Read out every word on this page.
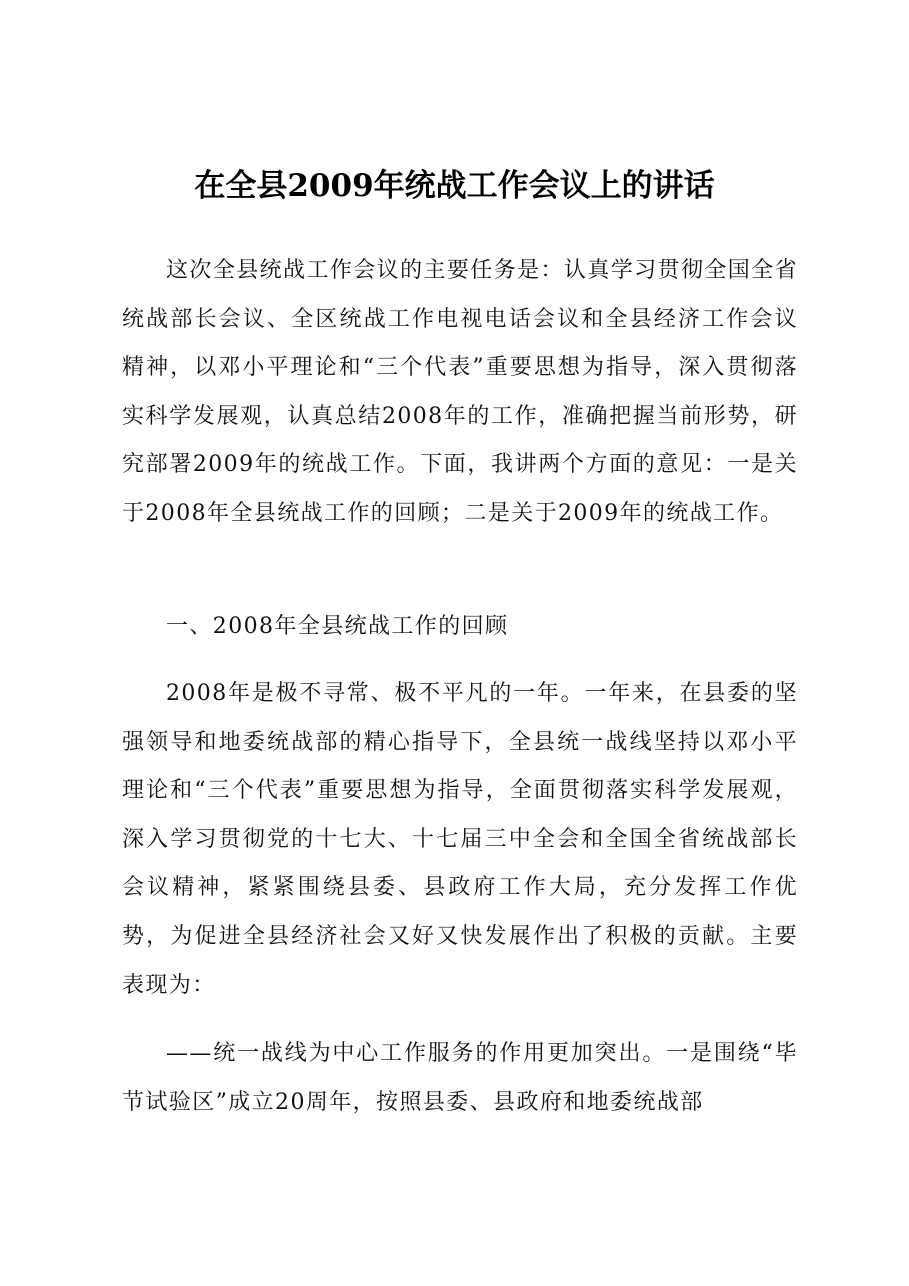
在全县2009年统战工作会议上的讲话

这次全县统战工作会议的主要任务是：认真学习贯彻全国全省统战部长会议、全区统战工作电视电话会议和全县经济工作会议精神，以邓小平理论和“三个代表”重要思想为指导，深入贯彻落实科学发展观，认真总结2008年的工作，准确把握当前形势，研究部署2009年的统战工作。下面，我讲两个方面的意见：一是关于2008年全县统战工作的回顾；二是关于2009年的统战工作。

一、2008年全县统战工作的回顾

2008年是极不寻常、极不平凡的一年。一年来，在县委的坚强领导和地委统战部的精心指导下，全县统一战线坚持以邓小平理论和“三个代表”重要思想为指导，全面贯彻落实科学发展观，深入学习贯彻党的十七大、十七届三中全会和全国全省统战部长会议精神，紧紧围绕县委、县政府工作大局，充分发挥工作优势，为促进全县经济社会又好又快发展作出了积极的贡献。主要表现为：

——统一战线为中心工作服务的作用更加突出。一是围绕“毕节试验区”成立20周年，按照县委、县政府和地委统战部
